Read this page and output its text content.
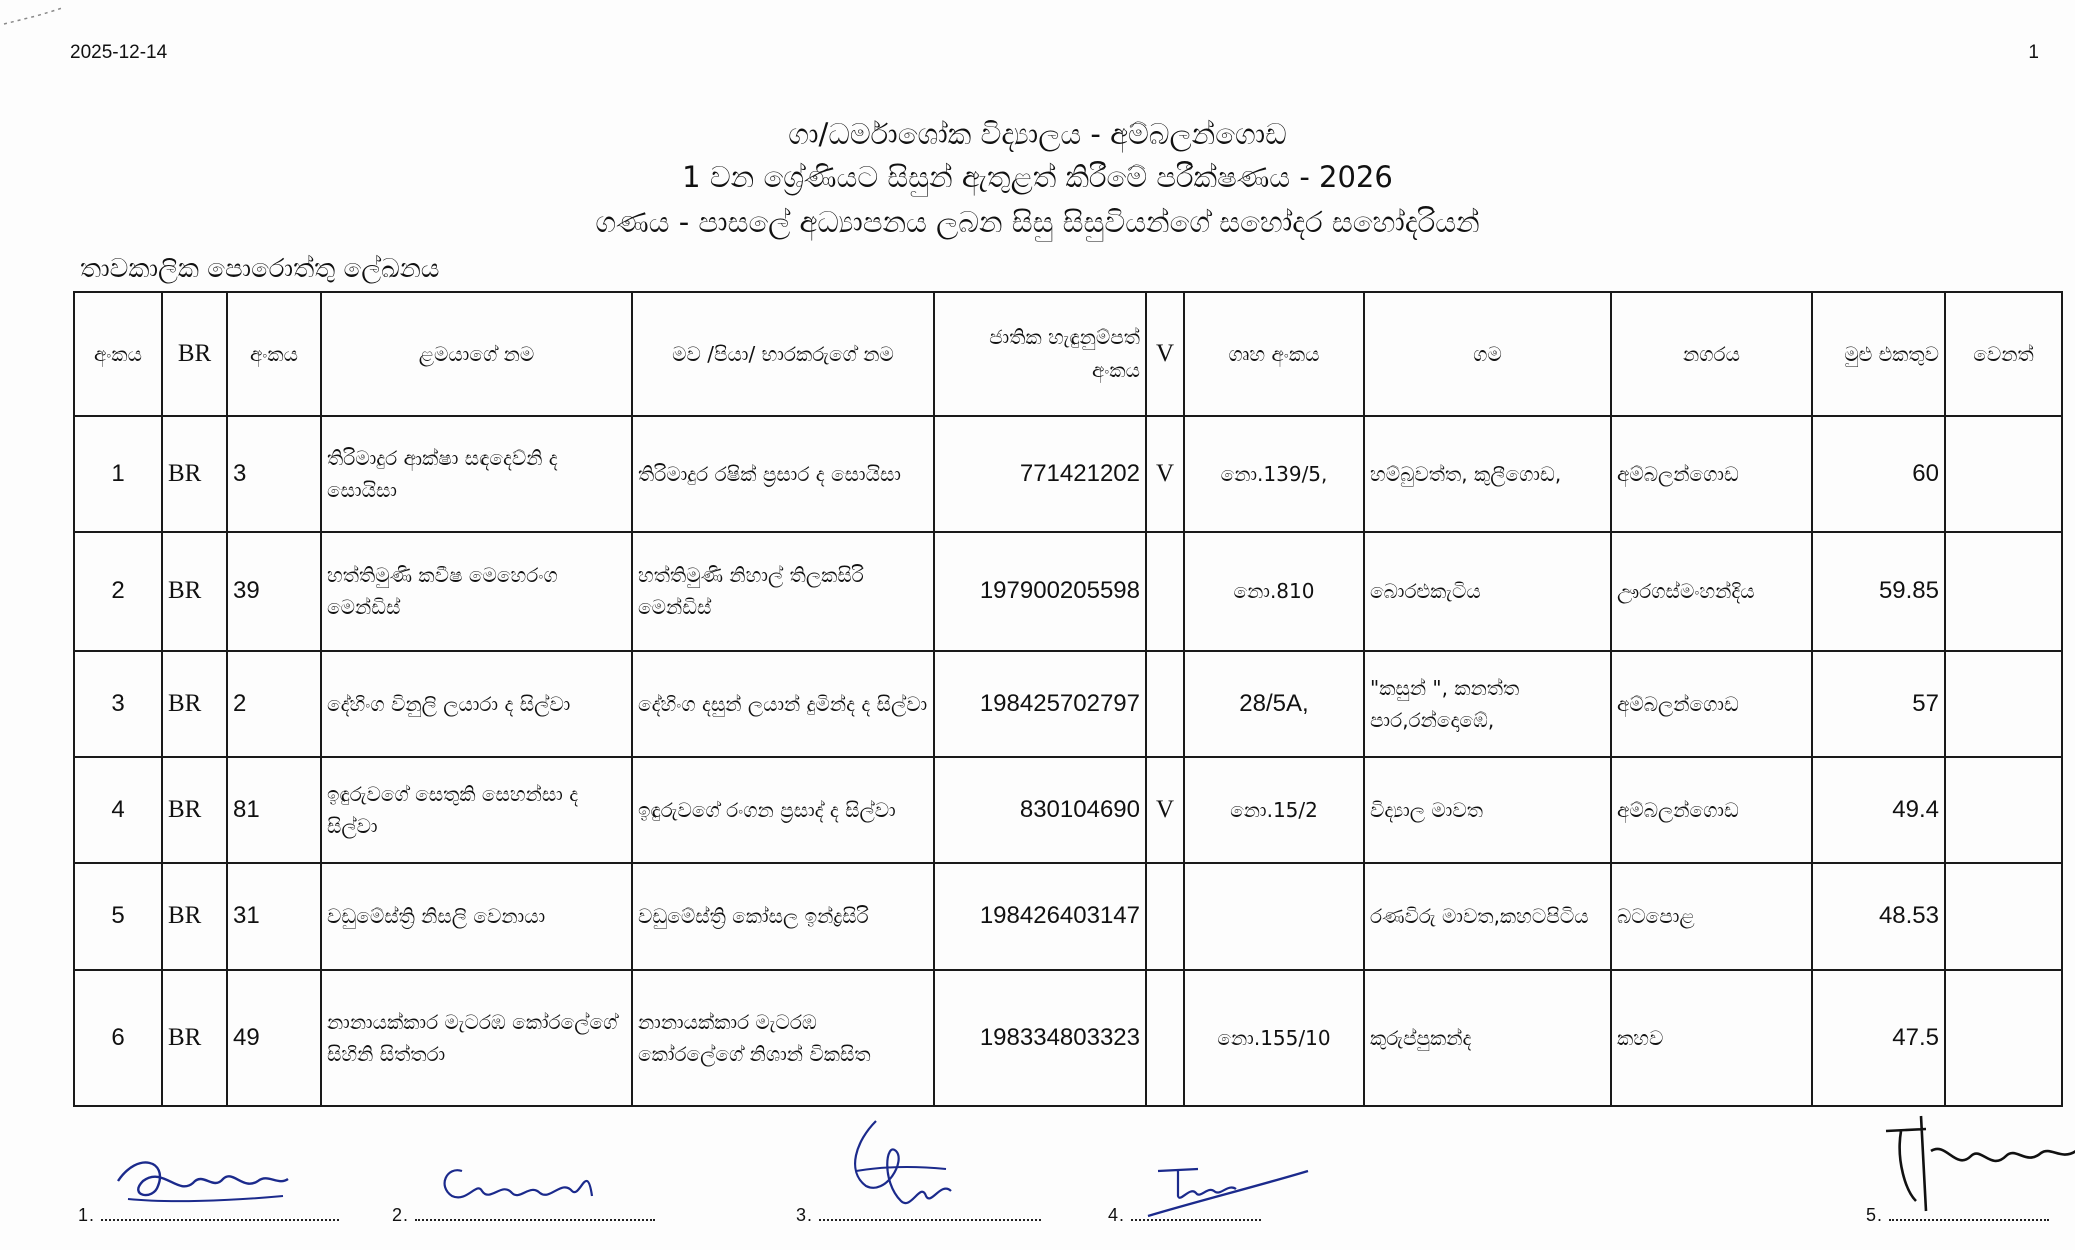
2025-12-14	1
ගා/ධර්මාශෝක විද්‍යාලය - අම්බලන්ගොඩ
1 වන ශ්‍රේණියට සිසුන් ඇතුළත් කිරීමේ පරීක්ෂණය - 2026
ගණය - පාසලේ අධ්‍යාපනය ලබන සිසු සිසුවියන්ගේ සහෝදර සහෝදරියන්
තාවකාලික පොරොත්තු ලේඛනය
අංකය	BR	අංකය	ළමයාගේ නම	මව /පියා/ භාරකරුගේ නම	ජාතික හැඳුනුම්පත් අංකය	V	ගෘහ අංකය	ගම	නගරය	මුළු එකතුව	වෙනත්
1	BR	3	තිරිමාදුර ආක්ෂා සඳදෙව්නි ද සොයිසා	තිරිමාදුර රෂික් ප්‍රසාර ද සොයිසා	771421202	V	නො.139/5,	හම්බුවත්ත, කුලීගොඩ,	අම්බලන්ගොඩ	60	
2	BR	39	හත්තිමුණි කවීෂ මෙහෙරංග මෙන්ඩිස්	හත්තිමුණි නිහාල් තිලකසිරි මෙන්ඩිස්	197900205598		නො.810	බොරළුකැටිය	ඌරගස්මංහන්දිය	59.85	
3	BR	2	දේහිංග විනුලි ලයාරා ද සිල්වා	දේහිංග දසුන් ලයාන් දුමින්ද ද සිල්වා	198425702797		28/5A,	"කසුන් ", කනත්ත පාර,රන්දොඹේ,	අම්බලන්ගොඩ	57	
4	BR	81	ඉඳුරුවගේ සෙතුකි සෙහන්සා ද සිල්වා	ඉඳුරුවගේ රංගන ප්‍රසාද් ද සිල්වා	830104690	V	නො.15/2	විද්‍යාල මාවත	අම්බලන්ගොඩ	49.4	
5	BR	31	වඩුමේස්ත්‍රි නිසලි වෙනායා	වඩුමේස්ත්‍රි කෝසල ඉන්ද්‍රසිරි	198426403147			රණවිරු මාවත,කහටපිටිය	බටපොළ	48.53	
6	BR	49	නානායක්කාර මැටරඹ කෝරලේගේ සිහිනි සිත්තරා	නානායක්කාර මැටරඹ කෝරලේගේ නිශාන් විකසිත	198334803323		නො.155/10	කුරුප්පුකන්ද	කහව	47.5	
1.	2.	3.	4.	5.
